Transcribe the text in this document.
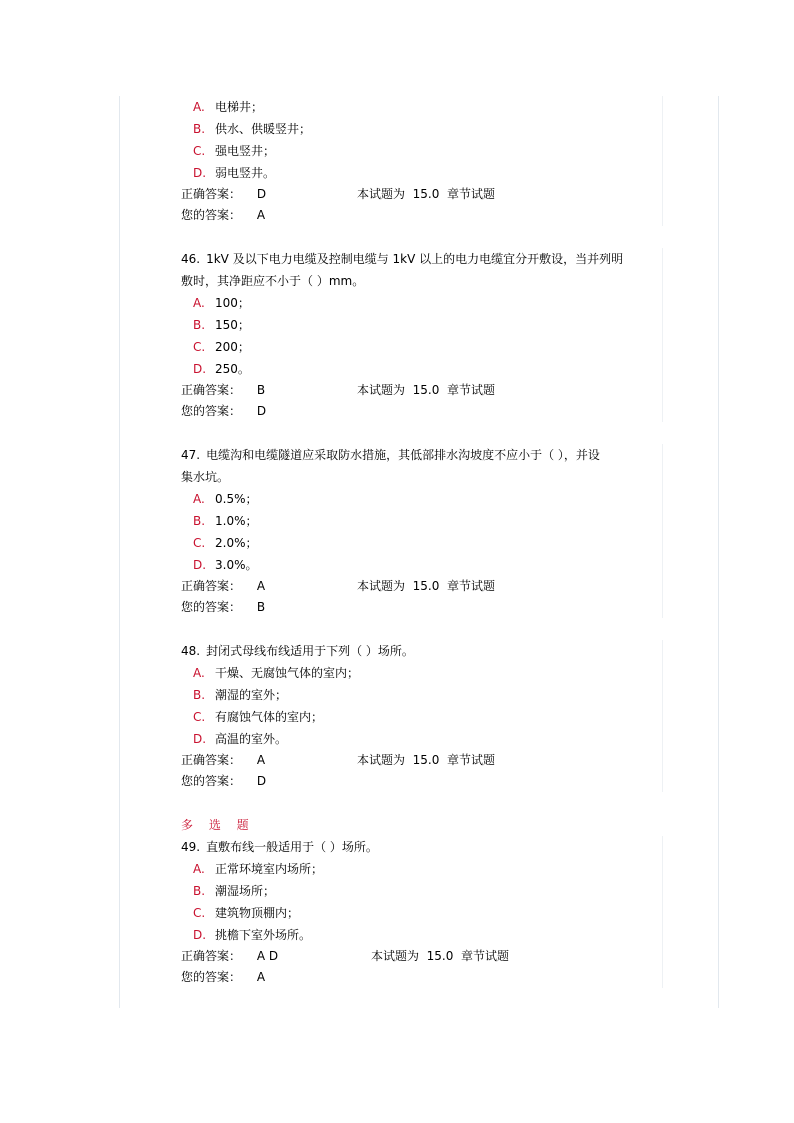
A. 电梯井；
B. 供水、供暖竖井；
C. 强电竖井；
D. 弱电竖井。
正确答案： D	本试题为  15.0  章节试题
您的答案： A
46. 1kV 及以下电力电缆及控制电缆与 1kV 以上的电力电缆宜分开敷设，当并列明
敷时，其净距应不小于（ ）mm。
A. 100；
B. 150；
C. 200；
D. 250。
正确答案： B	本试题为  15.0  章节试题
您的答案： D
47. 电缆沟和电缆隧道应采取防水措施，其低部排水沟坡度不应小于（ ），并设
集水坑。
A. 0.5%；
B. 1.0%；
C. 2.0%；
D. 3.0%。
正确答案： A	本试题为  15.0  章节试题
您的答案： B
48. 封闭式母线布线适用于下列（ ）场所。
A. 干燥、无腐蚀气体的室内；
B. 潮湿的室外；
C. 有腐蚀气体的室内；
D. 高温的室外。
正确答案： A	本试题为  15.0  章节试题
您的答案： D
多 选 题
49. 直敷布线一般适用于（ ）场所。
A. 正常环境室内场所；
B. 潮湿场所；
C. 建筑物顶棚内；
D. 挑檐下室外场所。
正确答案： A D	本试题为  15.0  章节试题
您的答案： A
